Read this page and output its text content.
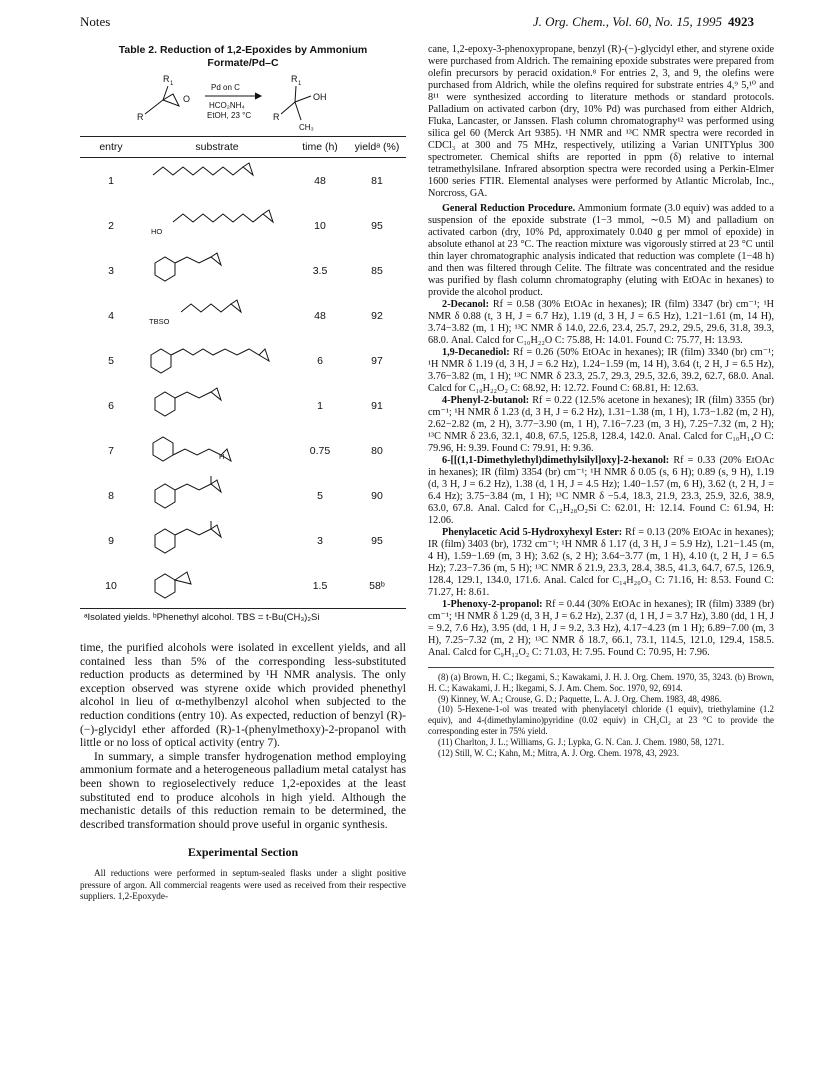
Notes	J. Org. Chem., Vol. 60, No. 15, 1995 4923
Table 2. Reduction of 1,2-Epoxides by Ammonium Formate/Pd–C
R 1
R
O
Pd on C
HCO₂NH₄
EtOH, 23 °C
R 1
R
OH
CH₃
entry	substrate	time (h)	yieldᵃ (%)
1		48	81
2	HO	10	95
3		3.5	85
4	TBSO	48	92
5		6	97
6		1	91
7	H	0.75	80
8		5	90
9		3	95
10		1.5	58ᵇ
ᵃIsolated yields. ᵇPhenethyl alcohol. TBS = t-Bu(CH₃)₂Si

time, the purified alcohols were isolated in excellent yields, and all contained less than 5% of the corresponding less-substituted reduction products as determined by ¹H NMR analysis. The only exception observed was styrene oxide which provided phenethyl alcohol in lieu of α-methylbenzyl alcohol when subjected to the reduction conditions (entry 10). As expected, reduction of benzyl (R)-(−)-glycidyl ether afforded (R)-1-(phenylmethoxy)-2-propanol with little or no loss of optical activity (entry 7).

In summary, a simple transfer hydrogenation method employing ammonium formate and a heterogeneous palladium metal catalyst has been shown to regioselectively reduce 1,2-epoxides at the least substituted end to produce alcohols in high yield. Although the mechanistic details of this reduction remain to be determined, the described transformation should prove useful in organic synthesis.

Experimental Section

All reductions were performed in septum-sealed flasks under a slight positive pressure of argon. All commercial reagents were used as received from their respective suppliers. 1,2-Epoxyde-

cane, 1,2-epoxy-3-phenoxypropane, benzyl (R)-(−)-glycidyl ether, and styrene oxide were purchased from Aldrich. The remaining epoxide substrates were prepared from olefin precursors by peracid oxidation.⁸ For entries 2, 3, and 9, the olefins were purchased from Aldrich, while the olefins required for substrate entries 4,⁹ 5,¹⁰ and 8¹¹ were synthesized according to literature methods or standard protocols. Palladium on activated carbon (dry, 10% Pd) was purchased from either Aldrich, Fluka, Lancaster, or Janssen. Flash column chromatography¹² was performed using silica gel 60 (Merck Art 9385). ¹H NMR and ¹³C NMR spectra were recorded in CDCl₃ at 300 and 75 MHz, respectively, utilizing a Varian UNITYplus 300 spectrometer. Chemical shifts are reported in ppm (δ) relative to internal tetramethylsilane. Infrared absorption spectra were recorded using a Perkin-Elmer 1600 series FTIR. Elemental analyses were performed by Atlantic Microlab, Inc., Norcross, GA.

General Reduction Procedure. Ammonium formate (3.0 equiv) was added to a suspension of the epoxide substrate (1−3 mmol, ∼0.5 M) and palladium on activated carbon (dry, 10% Pd, approximately 0.040 g per mmol of epoxide) in absolute ethanol at 23 °C. The reaction mixture was vigorously stirred at 23 °C until thin layer chromatographic analysis indicated that reduction was complete (1−48 h) and then was filtered through Celite. The filtrate was concentrated and the residue was purified by flash column chromatography (eluting with EtOAc in hexanes) to provide the alcohol product.

2-Decanol: Rf = 0.58 (30% EtOAc in hexanes); IR (film) 3347 (br) cm⁻¹; ¹H NMR δ 0.88 (t, 3 H, J = 6.7 Hz), 1.19 (d, 3 H, J = 6.5 Hz), 1.21−1.61 (m, 14 H), 3.74−3.82 (m, 1 H); ¹³C NMR δ 14.0, 22.6, 23.4, 25.7, 29.2, 29.5, 29.6, 31.8, 39.3, 68.0. Anal. Calcd for C₁₀H₂₂O C: 75.88, H: 14.01. Found C: 75.77, H: 13.93.

1,9-Decanediol: Rf = 0.26 (50% EtOAc in hexanes); IR (film) 3340 (br) cm⁻¹; ¹H NMR δ 1.19 (d, 3 H, J = 6.2 Hz), 1.24−1.59 (m, 14 H), 3.64 (t, 2 H, J = 6.5 Hz), 3.76−3.82 (m, 1 H); ¹³C NMR δ 23.3, 25.7, 29.3, 29.5, 32.6, 39.2, 62.7, 68.0. Anal. Calcd for C₁₀H₂₂O₂ C: 68.92, H: 12.72. Found C: 68.81, H: 12.63.

4-Phenyl-2-butanol: Rf = 0.22 (12.5% acetone in hexanes); IR (film) 3355 (br) cm⁻¹; ¹H NMR δ 1.23 (d, 3 H, J = 6.2 Hz), 1.31−1.38 (m, 1 H), 1.73−1.82 (m, 2 H), 2.62−2.82 (m, 2 H), 3.77−3.90 (m, 1 H), 7.16−7.23 (m, 3 H), 7.25−7.32 (m, 2 H); ¹³C NMR δ 23.6, 32.1, 40.8, 67.5, 125.8, 128.4, 142.0. Anal. Calcd for C₁₀H₁₄O C: 79.96, H: 9.39. Found C: 79.91, H: 9.36.

6-[[(1,1-Dimethylethyl)dimethylsilyl]oxy]-2-hexanol: Rf = 0.33 (20% EtOAc in hexanes); IR (film) 3354 (br) cm⁻¹; ¹H NMR δ 0.05 (s, 6 H); 0.89 (s, 9 H), 1.19 (d, 3 H, J = 6.2 Hz), 1.38 (d, 1 H, J = 4.5 Hz); 1.40−1.57 (m, 6 H), 3.62 (t, 2 H, J = 6.4 Hz); 3.75−3.84 (m, 1 H); ¹³C NMR δ −5.4, 18.3, 21.9, 23.3, 25.9, 32.6, 38.9, 63.0, 67.8. Anal. Calcd for C₁₂H₂₈O₂Si C: 62.01, H: 12.14. Found C: 61.94, H: 12.06.

Phenylacetic Acid 5-Hydroxyhexyl Ester: Rf = 0.13 (20% EtOAc in hexanes); IR (film) 3403 (br), 1732 cm⁻¹; ¹H NMR δ 1.17 (d, 3 H, J = 5.9 Hz), 1.21−1.45 (m, 4 H), 1.59−1.69 (m, 3 H); 3.62 (s, 2 H); 3.64−3.77 (m, 1 H), 4.10 (t, 2 H, J = 6.5 Hz); 7.23−7.36 (m, 5 H); ¹³C NMR δ 21.9, 23.3, 28.4, 38.5, 41.3, 64.7, 67.5, 126.9, 128.4, 129.1, 134.0, 171.6. Anal. Calcd for C₁₄H₂₀O₃ C: 71.16, H: 8.53. Found C: 71.27, H: 8.61.

1-Phenoxy-2-propanol: Rf = 0.44 (30% EtOAc in hexanes); IR (film) 3389 (br) cm⁻¹; ¹H NMR δ 1.29 (d, 3 H, J = 6.2 Hz), 2.37 (d, 1 H, J = 3.7 Hz), 3.80 (dd, 1 H, J = 9.2, 7.6 Hz), 3.95 (dd, 1 H, J = 9.2, 3.3 Hz), 4.17−4.23 (m 1 H); 6.89−7.00 (m, 3 H), 7.25−7.32 (m, 2 H); ¹³C NMR δ 18.7, 66.1, 73.1, 114.5, 121.0, 129.4, 158.5. Anal. Calcd for C₉H₁₂O₂ C: 71.03, H: 7.95. Found C: 70.95, H: 7.96.

(8) (a) Brown, H. C.; Ikegami, S.; Kawakami, J. H. J. Org. Chem. 1970, 35, 3243. (b) Brown, H. C.; Kawakami, J. H.; Ikegami, S. J. Am. Chem. Soc. 1970, 92, 6914.

(9) Kinney, W. A.; Crouse, G. D.; Paquette, L. A. J. Org. Chem. 1983, 48, 4986.

(10) 5-Hexene-1-ol was treated with phenylacetyl chloride (1 equiv), triethylamine (1.2 equiv), and 4-(dimethylamino)pyridine (0.02 equiv) in CH₂Cl₂ at 23 °C to provide the corresponding ester in 75% yield.

(11) Charlton, J. L.; Williams, G. J.; Lypka, G. N. Can. J. Chem. 1980, 58, 1271.

(12) Still, W. C.; Kahn, M.; Mitra, A. J. Org. Chem. 1978, 43, 2923.
